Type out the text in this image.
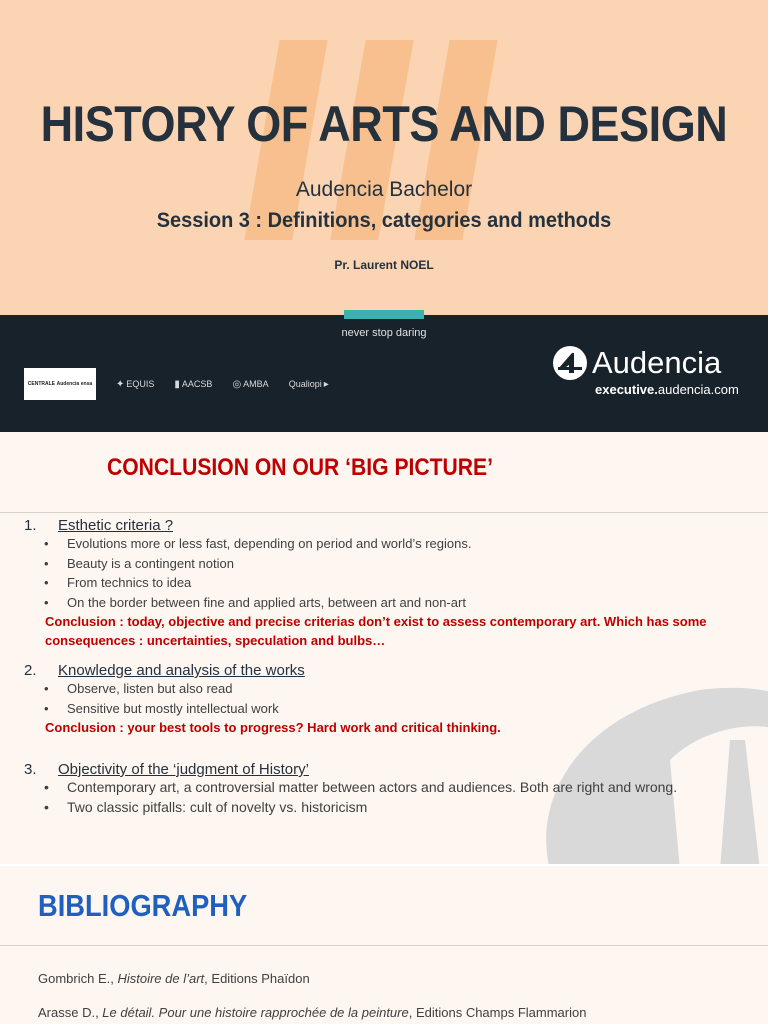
HISTORY OF ARTS AND DESIGN
Audencia Bachelor
Session 3 : Definitions, categories and methods
Pr. Laurent NOEL
never stop daring
CENTRALE Audencia ensa ✦ EQUIS ▮ AACSB ◎ AMBA Qualiopi ▸
Audencia
executive.audencia.com
CONCLUSION ON OUR ‘BIG PICTURE’
1.	Esthetic criteria ?
• Evolutions more or less fast, depending on period and world’s regions.
• Beauty is a contingent notion
• From technics to idea
• On the border between fine and applied arts, between art and non-art

Conclusion : today, objective and precise criterias don’t exist to assess contemporary art. Which has some consequences : uncertainties, speculation and bulbs…

2.	Knowledge and analysis of the works
• Observe, listen but also read
• Sensitive but mostly intellectual work

Conclusion : your best tools to progress? Hard work and critical thinking.

3.	Objectivity of the ‘judgment of History’
• Contemporary art, a controversial matter between actors and audiences. Both are right and wrong.
• Two classic pitfalls: cult of novelty vs. historicism
BIBLIOGRAPHY

Gombrich E., Histoire de l’art, Editions Phaïdon

Arasse D., Le détail. Pour une histoire rapprochée de la peinture, Editions Champs Flammarion
